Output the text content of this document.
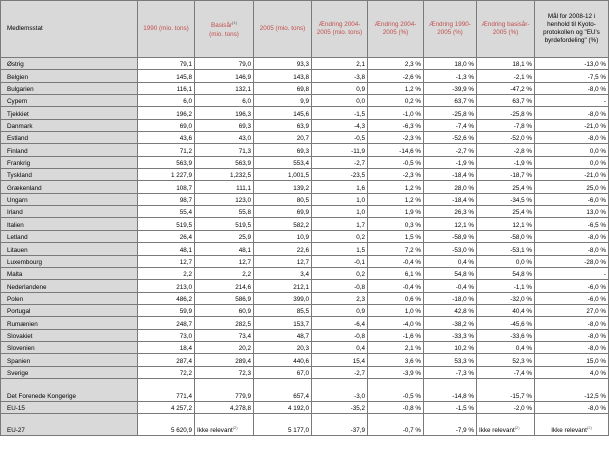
Medlemsstat	1990 (mio. tons)	Basisår$^{(1)}$
(mio. tons)	2005 (mio. tons)	Ændring 2004-2005 (mio. tons)	Ændring 2004-2005 (%)	Ændring 1990-2005 (%)	Ændring basisår-2005 (%)	Mål for 2008-12 i henhold til Kyoto-protokollen og "EU's byrdefordeling" (%)
Østrig	79,1	79,0	93,3	2,1	2,3 %	18,0 %	18,1 %	-13,0 %
Belgien	145,8	146,9	143,8	-3,8	-2,6 %	-1,3 %	-2,1 %	-7,5 %
Bulgarien	116,1	132,1	69,8	0,9	1,2 %	-39,9 %	-47,2 %	-8,0 %
Cypern	6,0	6,0	9,9	0,0	0,2 %	63,7 %	63,7 %	-
Tjekkiet	196,2	196,3	145,6	-1,5	-1,0 %	-25,8 %	-25,8 %	-8,0 %
Danmark	69,0	69,3	63,9	-4,3	-6,3 %	-7,4 %	-7,8 %	-21,0 %
Estland	43,6	43,0	20,7	-0,5	-2,3 %	-52,6 %	-52,0 %	-8,0 %
Finland	71,2	71,3	69,3	-11,9	-14,6 %	-2,7 %	-2,8 %	0,0 %
Frankrig	563,9	563,9	553,4	-2,7	-0,5 %	-1,9 %	-1,9 %	0,0 %
Tyskland	1 227,9	1,232,5	1,001,5	-23,5	-2,3 %	-18,4 %	-18,7 %	-21,0 %
Grækenland	108,7	111,1	139,2	1,6	1,2 %	28,0 %	25,4 %	25,0 %
Ungarn	98,7	123,0	80,5	1,0	1,2 %	-18,4 %	-34,5 %	-6,0 %
Irland	55,4	55,8	69,9	1,0	1,9 %	26,3 %	25,4 %	13,0 %
Italien	519,5	519,5	582,2	1,7	0,3 %	12,1 %	12,1 %	-6,5 %
Letland	26,4	25,9	10,9	0,2	1,5 %	-58,9 %	-58,0 %	-8,0 %
Litauen	48,1	48,1	22,6	1,5	7,2 %	-53,0 %	-53,1 %	-8,0 %
Luxembourg	12,7	12,7	12,7	-0,1	-0,4 %	0,4 %	0,0 %	-28,0 %
Malta	2,2	2,2	3,4	0,2	6,1 %	54,8 %	54,8 %	-
Nederlandene	213,0	214,6	212,1	-0,8	-0,4 %	-0,4 %	-1,1 %	-6,0 %
Polen	486,2	586,9	399,0	2,3	0,6 %	-18,0 %	-32,0 %	-6,0 %
Portugal	59,9	60,9	85,5	0,9	1,0 %	42,8 %	40,4 %	27,0 %
Rumænien	248,7	282,5	153,7	-6,4	-4,0 %	-38,2 %	-45,6 %	-8,0 %
Slovakiet	73,0	73,4	48,7	-0,8	-1,6 %	-33,3 %	-33,6 %	-8,0 %
Slovenien	18,4	20,2	20,3	0,4	2,1 %	10,2 %	0,4 %	-8,0 %
Spanien	287,4	289,4	440,6	15,4	3,6 %	53,3 %	52,3 %	15,0 %
Sverige	72,2	72,3	67,0	-2,7	-3,9 %	-7,3 %	-7,4 %	4,0 %
Det Forenede Kongerige	771,4	779,9	657,4	-3,0	-0,5 %	-14,8 %	-15,7 %	-12,5 %
EU-15	4 257,2	4,278,8	4 192,0	-35,2	-0,8 %	-1,5 %	-2,0 %	-8,0 %
EU-27	5 620,9	Ikke relevant$^{(2)}$	5 177,0	-37,9	-0,7 %	-7,9 %	Ikke relevant$^{(2)}$	Ikke relevant$^{(2)}$
